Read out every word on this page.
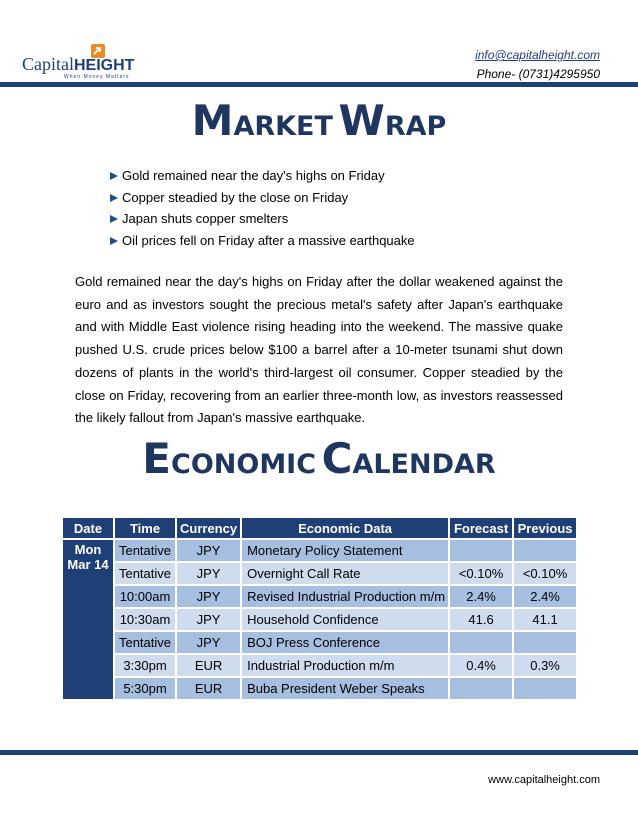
CapitalHEIGHT
When Money Matters
info@capitalheight.com
Phone- (0731)4295950
MARKET WRAP
Gold remained near the day's highs on Friday
Copper steadied by the close on Friday
Japan shuts copper smelters
Oil prices fell on Friday after a massive earthquake

Gold remained near the day's highs on Friday after the dollar weakened against the euro and as investors sought the precious metal's safety after Japan's earthquake and with Middle East violence rising heading into the weekend. The massive quake pushed U.S. crude prices below $100 a barrel after a 10-meter tsunami shut down dozens of plants in the world's third-largest oil consumer. Copper steadied by the close on Friday, recovering from an earlier three-month low, as investors reassessed the likely fallout from Japan's massive earthquake.

ECONOMIC CALENDAR
Date	Time	Currency	Economic Data	Forecast	Previous

Mon
Mar 14	Tentative	JPY	Monetary Policy Statement		
	Tentative	JPY	Overnight Call Rate	<0.10%	<0.10%
	10:00am	JPY	Revised Industrial Production m/m	2.4%	2.4%
	10:30am	JPY	Household Confidence	41.6	41.1
	Tentative	JPY	BOJ Press Conference		
	3:30pm	EUR	Industrial Production m/m	0.4%	0.3%
	5:30pm	EUR	Buba President Weber Speaks		
www.capitalheight.com
